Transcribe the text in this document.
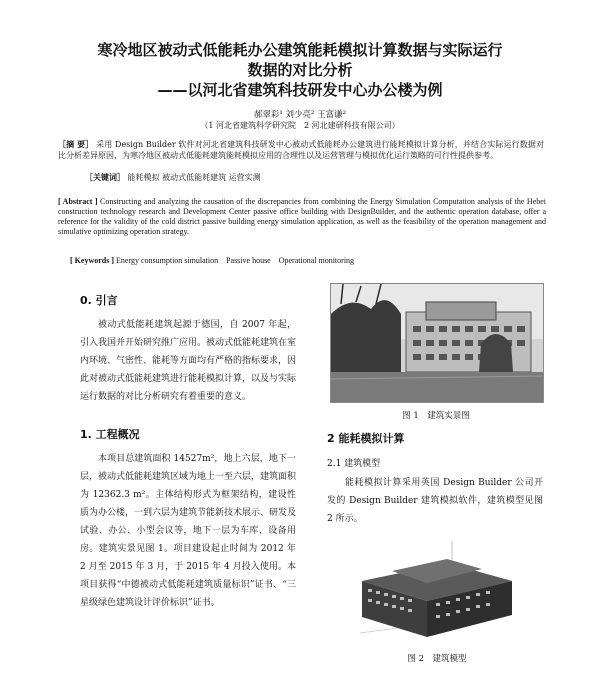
寒冷地区被动式低能耗办公建筑能耗模拟计算数据与实际运行
数据的对比分析
——以河北省建筑科技研发中心办公楼为例
郝翠彩¹ 刘少亮² 王富谦²
（1 河北省建筑科学研究院　2 河北建研科技有限公司）
［摘 要］ 采用 Design Builder 软件对河北省建筑科技研发中心被动式低能耗办公建筑进行能耗模拟计算分析，并结合实际运行数据对比分析差异原因，为寒冷地区被动式低能耗建筑能耗模拟应用的合理性以及运营管理与模拟优化运行策略的可行性提供参考。
［关键词］ 能耗模拟 被动式低能耗建筑 运营实测
[ Abstract ] Constructing and analyzing the causation of the discrepancies from combining the Energy Simulation Computation analysis of the Hebei construction technology research and Development Center passive office building with DesignBuilder, and the authentic operation database, offer a reference for the validity of the cold district passive building energy simulation application, as well as the feasibility of the operation management and simulative optimizing operation strategy.
[ Keywords ] Energy consumption simulation　Passive house　Operational monitoring
0. 引言
被动式低能耗建筑起源于德国，自 2007 年起，引入我国并开始研究推广应用。被动式低能耗建筑在室内环境、气密性、能耗等方面均有严格的指标要求，因此对被动式低能耗建筑进行能耗模拟计算，以及与实际运行数据的对比分析研究有着重要的意义。
1. 工程概况
本项目总建筑面积 14527m²，地上六层，地下一层，被动式低能耗建筑区域为地上一至六层，建筑面积为 12362.3 m²。主体结构形式为框架结构，建设性质为办公楼，一到六层为建筑节能新技术展示、研发及试验、办公、小型会议等，地下一层为车库、设备用房。建筑实景见图 1。项目建设起止时间为 2012 年 2 月至 2015 年 3 月，于 2015 年 4 月投入使用。本项目获得“中德被动式低能耗建筑质量标识”证书、“三星级绿色建筑设计评价标识”证书。
图 1　建筑实景图
2 能耗模拟计算
2.1 建筑模型
能耗模拟计算采用英国 Design Builder 公司开发的 Design Builder 建筑模拟软件，建筑模型见图 2 所示。
图 2　建筑模型
